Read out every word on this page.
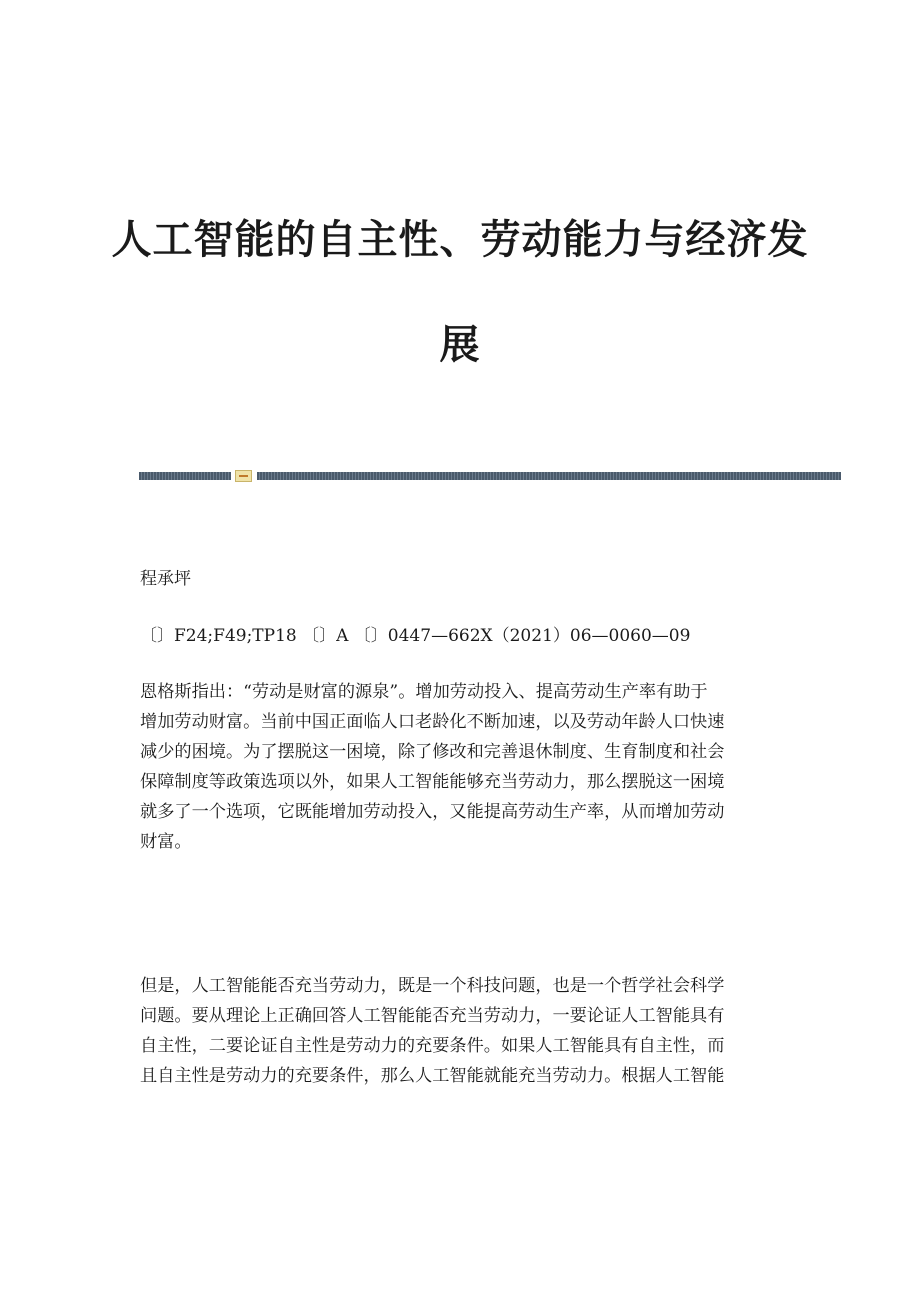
人工智能的自主性、劳动能力与经济发
展

程承坪

〔〕F24;F49;TP18 〔〕A 〔〕0447—662X（2021）06—0060—09

恩格斯指出：“劳动是财富的源泉”。增加劳动投入、提高劳动生产率有助于
增加劳动财富。当前中国正面临人口老龄化不断加速，以及劳动年龄人口快速
减少的困境。为了摆脱这一困境，除了修改和完善退休制度、生育制度和社会
保障制度等政策选项以外，如果人工智能能够充当劳动力，那么摆脱这一困境
就多了一个选项，它既能增加劳动投入，又能提高劳动生产率，从而增加劳动
财富。

但是，人工智能能否充当劳动力，既是一个科技问题，也是一个哲学社会科学
问题。要从理论上正确回答人工智能能否充当劳动力，一要论证人工智能具有
自主性，二要论证自主性是劳动力的充要条件。如果人工智能具有自主性，而
且自主性是劳动力的充要条件，那么人工智能就能充当劳动力。根据人工智能
